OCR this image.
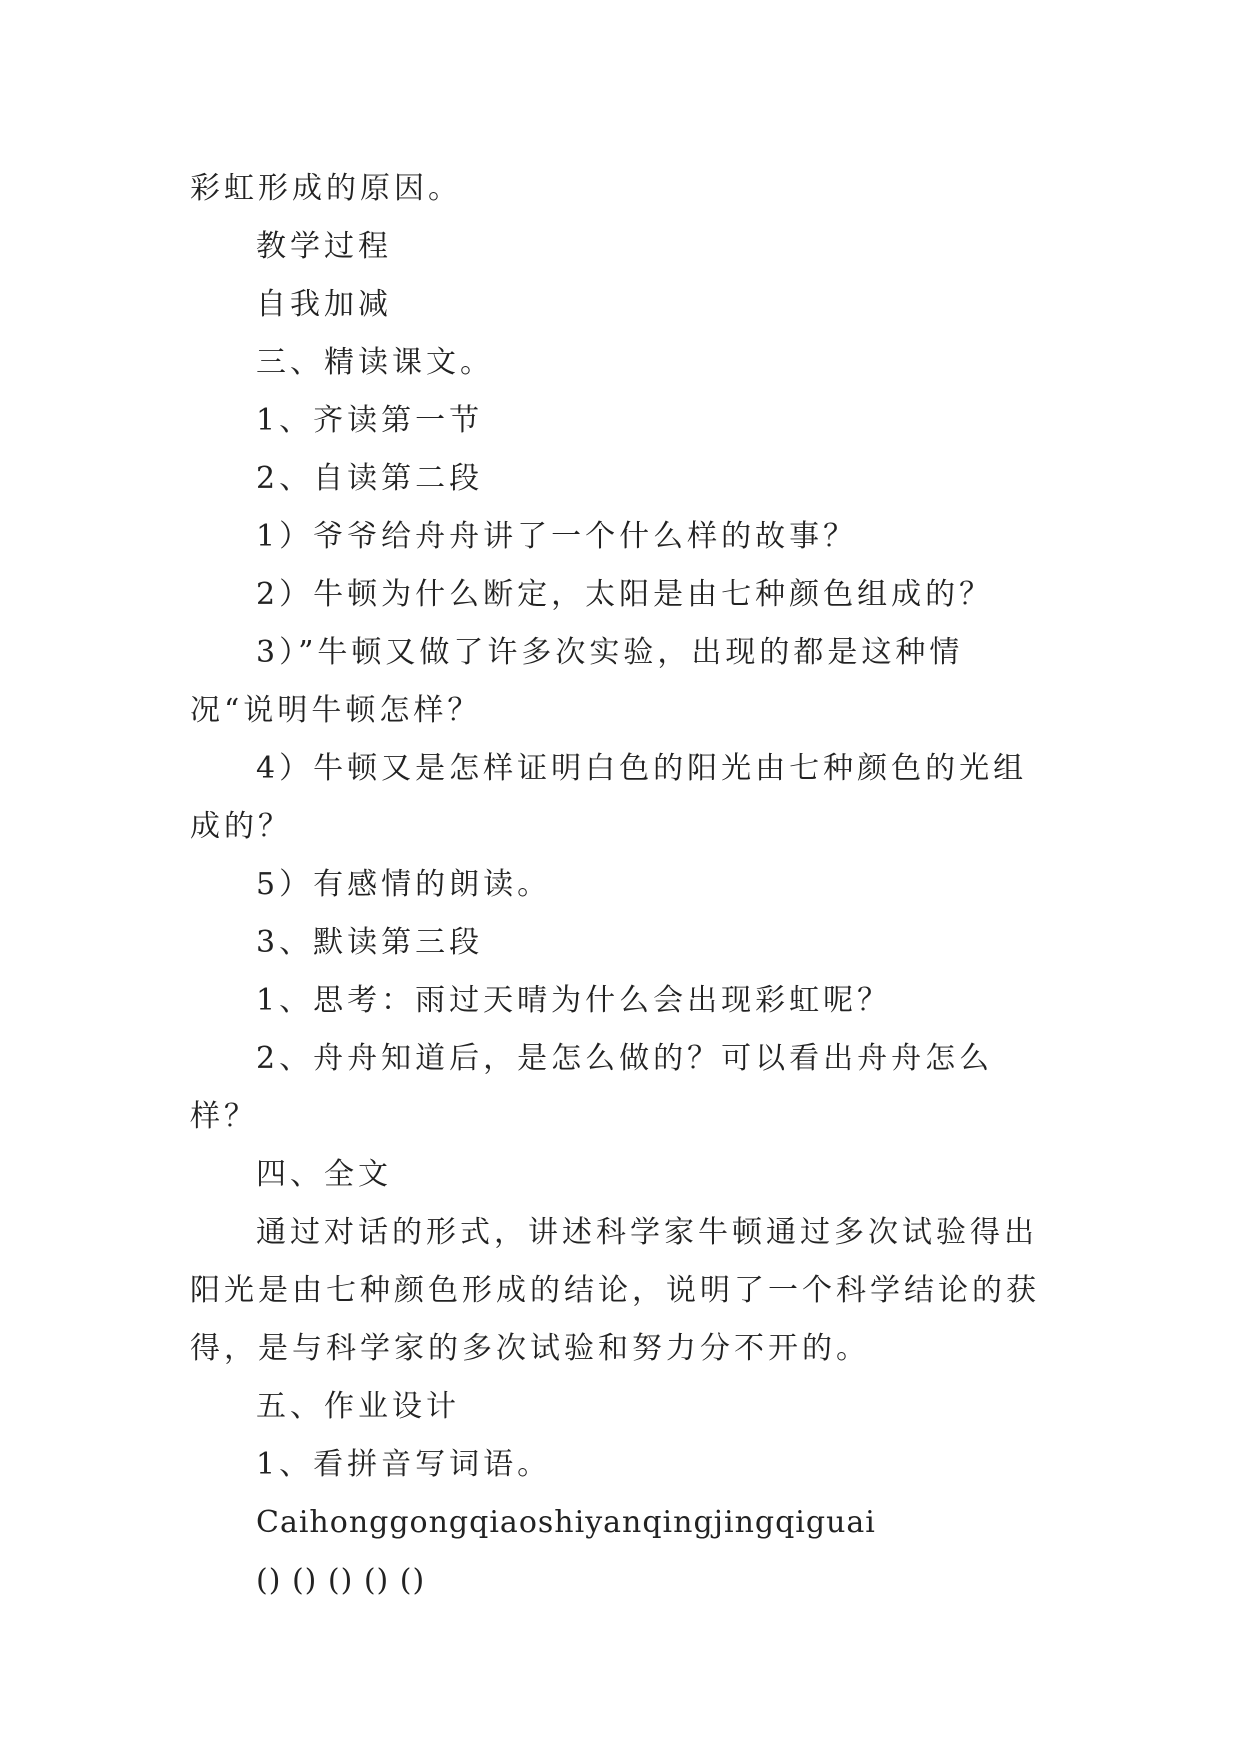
彩虹形成的原因。

教学过程

自我加减

三、精读课文。

1、齐读第一节

2、自读第二段

1）爷爷给舟舟讲了一个什么样的故事？

2）牛顿为什么断定，太阳是由七种颜色组成的？

3）”牛顿又做了许多次实验，出现的都是这种情况“说明牛顿怎样？

4）牛顿又是怎样证明白色的阳光由七种颜色的光组成的？

5）有感情的朗读。

3、默读第三段

1、思考：雨过天晴为什么会出现彩虹呢？

2、舟舟知道后，是怎么做的？可以看出舟舟怎么样？

四、全文

通过对话的形式，讲述科学家牛顿通过多次试验得出阳光是由七种颜色形成的结论，说明了一个科学结论的获得，是与科学家的多次试验和努力分不开的。

五、作业设计

1、看拼音写词语。

Caihonggongqiaoshiyanqingjingqiguai

() () () () ()
